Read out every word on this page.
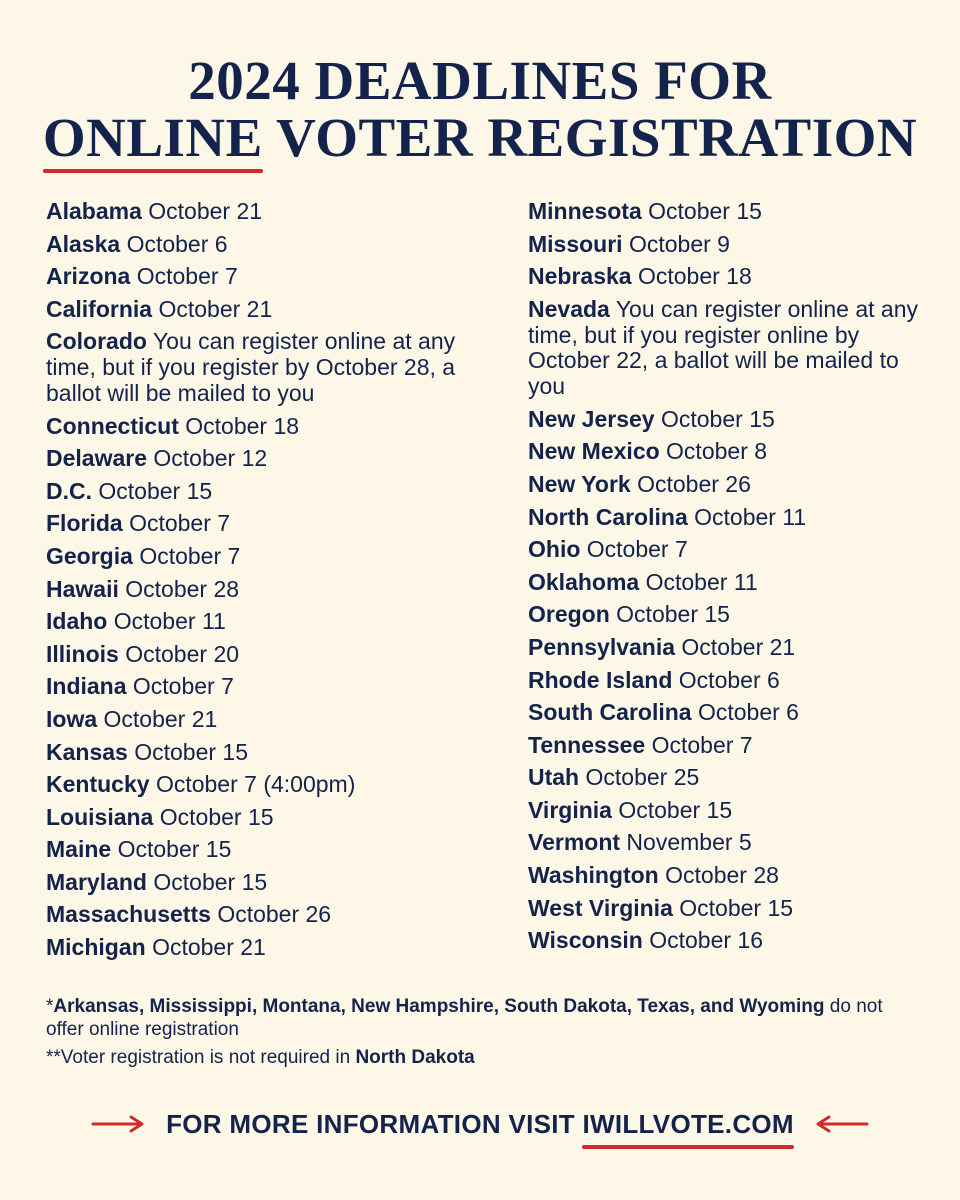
2024 DEADLINES FOR
ONLINE VOTER REGISTRATION
Alabama October 21
Alaska October 6
Arizona October 7
California October 21
Colorado You can register online at any time, but if you register by October 28, a ballot will be mailed to you
Connecticut October 18
Delaware October 12
D.C. October 15
Florida October 7
Georgia October 7
Hawaii October 28
Idaho October 11
Illinois October 20
Indiana October 7
Iowa October 21
Kansas October 15
Kentucky October 7 (4:00pm)
Louisiana October 15
Maine October 15
Maryland October 15
Massachusetts October 26
Michigan October 21
Minnesota October 15
Missouri October 9
Nebraska October 18
Nevada You can register online at any time, but if you register online by October 22, a ballot will be mailed to you
New Jersey October 15
New Mexico October 8
New York October 26
North Carolina October 11
Ohio October 7
Oklahoma October 11
Oregon October 15
Pennsylvania October 21
Rhode Island October 6
South Carolina October 6
Tennessee October 7
Utah October 25
Virginia October 15
Vermont November 5
Washington October 28
West Virginia October 15
Wisconsin October 16

*Arkansas, Mississippi, Montana, New Hampshire, South Dakota, Texas, and Wyoming do not offer online registration

**Voter registration is not required in North Dakota

FOR MORE INFORMATION VISIT IWILLVOTE.COM
